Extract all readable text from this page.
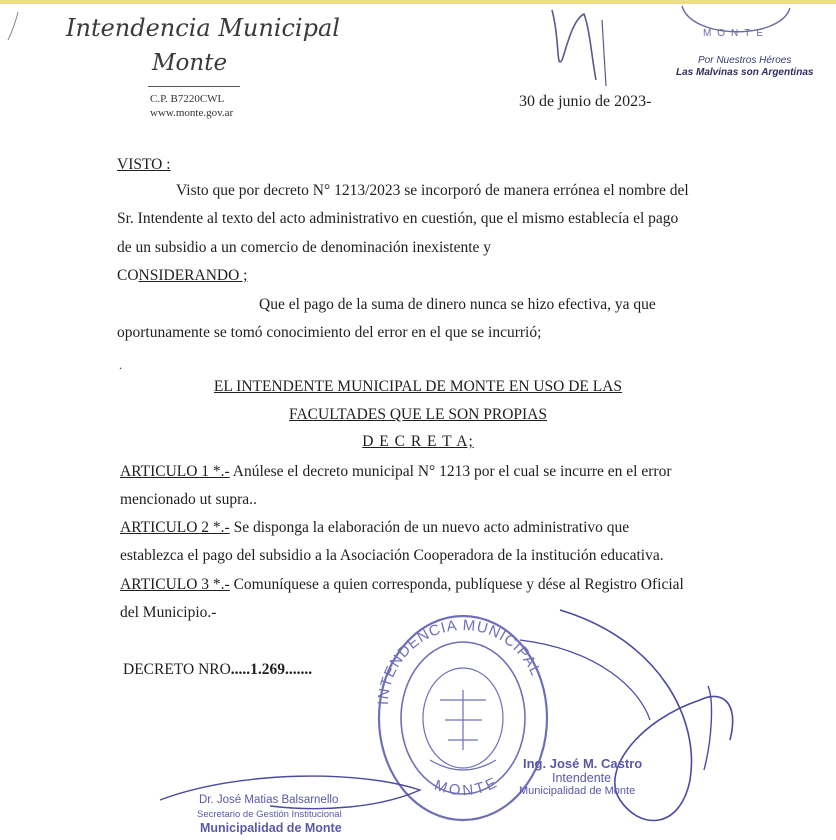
Intendencia Municipal
Monte
C.P. B7220CWL
www.monte.gov.ar
MONTE
Por Nuestros Héroes
Las Malvinas son Argentinas
30 de junio de 2023-
VISTO :
Visto que por decreto N° 1213/2023 se incorporó de manera errónea el nombre del
Sr. Intendente al texto del acto administrativo en cuestión, que el mismo establecía el pago
de un subsidio a un comercio de denominación inexistente y
CONSIDERANDO ;
Que el pago de la suma de dinero nunca se hizo efectiva, ya que
oportunamente se tomó conocimiento del error en el que se incurrió;
.
EL INTENDENTE MUNICIPAL DE MONTE EN USO DE LAS
FACULTADES QUE LE SON PROPIAS
D E C R E T A;
ARTICULO 1 *.- Anúlese el decreto municipal N° 1213 por el cual se incurre en el error
mencionado ut supra..
ARTICULO 2 *.- Se disponga la elaboración de un nuevo acto administrativo que
establezca el pago del subsidio a la Asociación Cooperadora de la institución educativa.
ARTICULO 3 *.- Comuníquese a quien corresponda, publíquese y dése al Registro Oficial
del Municipio.-
DECRETO NRO.....1.269.......
INTENDENCIA MUNICIPAL
MONTE
Dr. José Matias Balsarnello
Secretario de Gestión Institucional
Municipalidad de Monte
Ing. José M. Castro
Intendente
Municipalidad de Monte
